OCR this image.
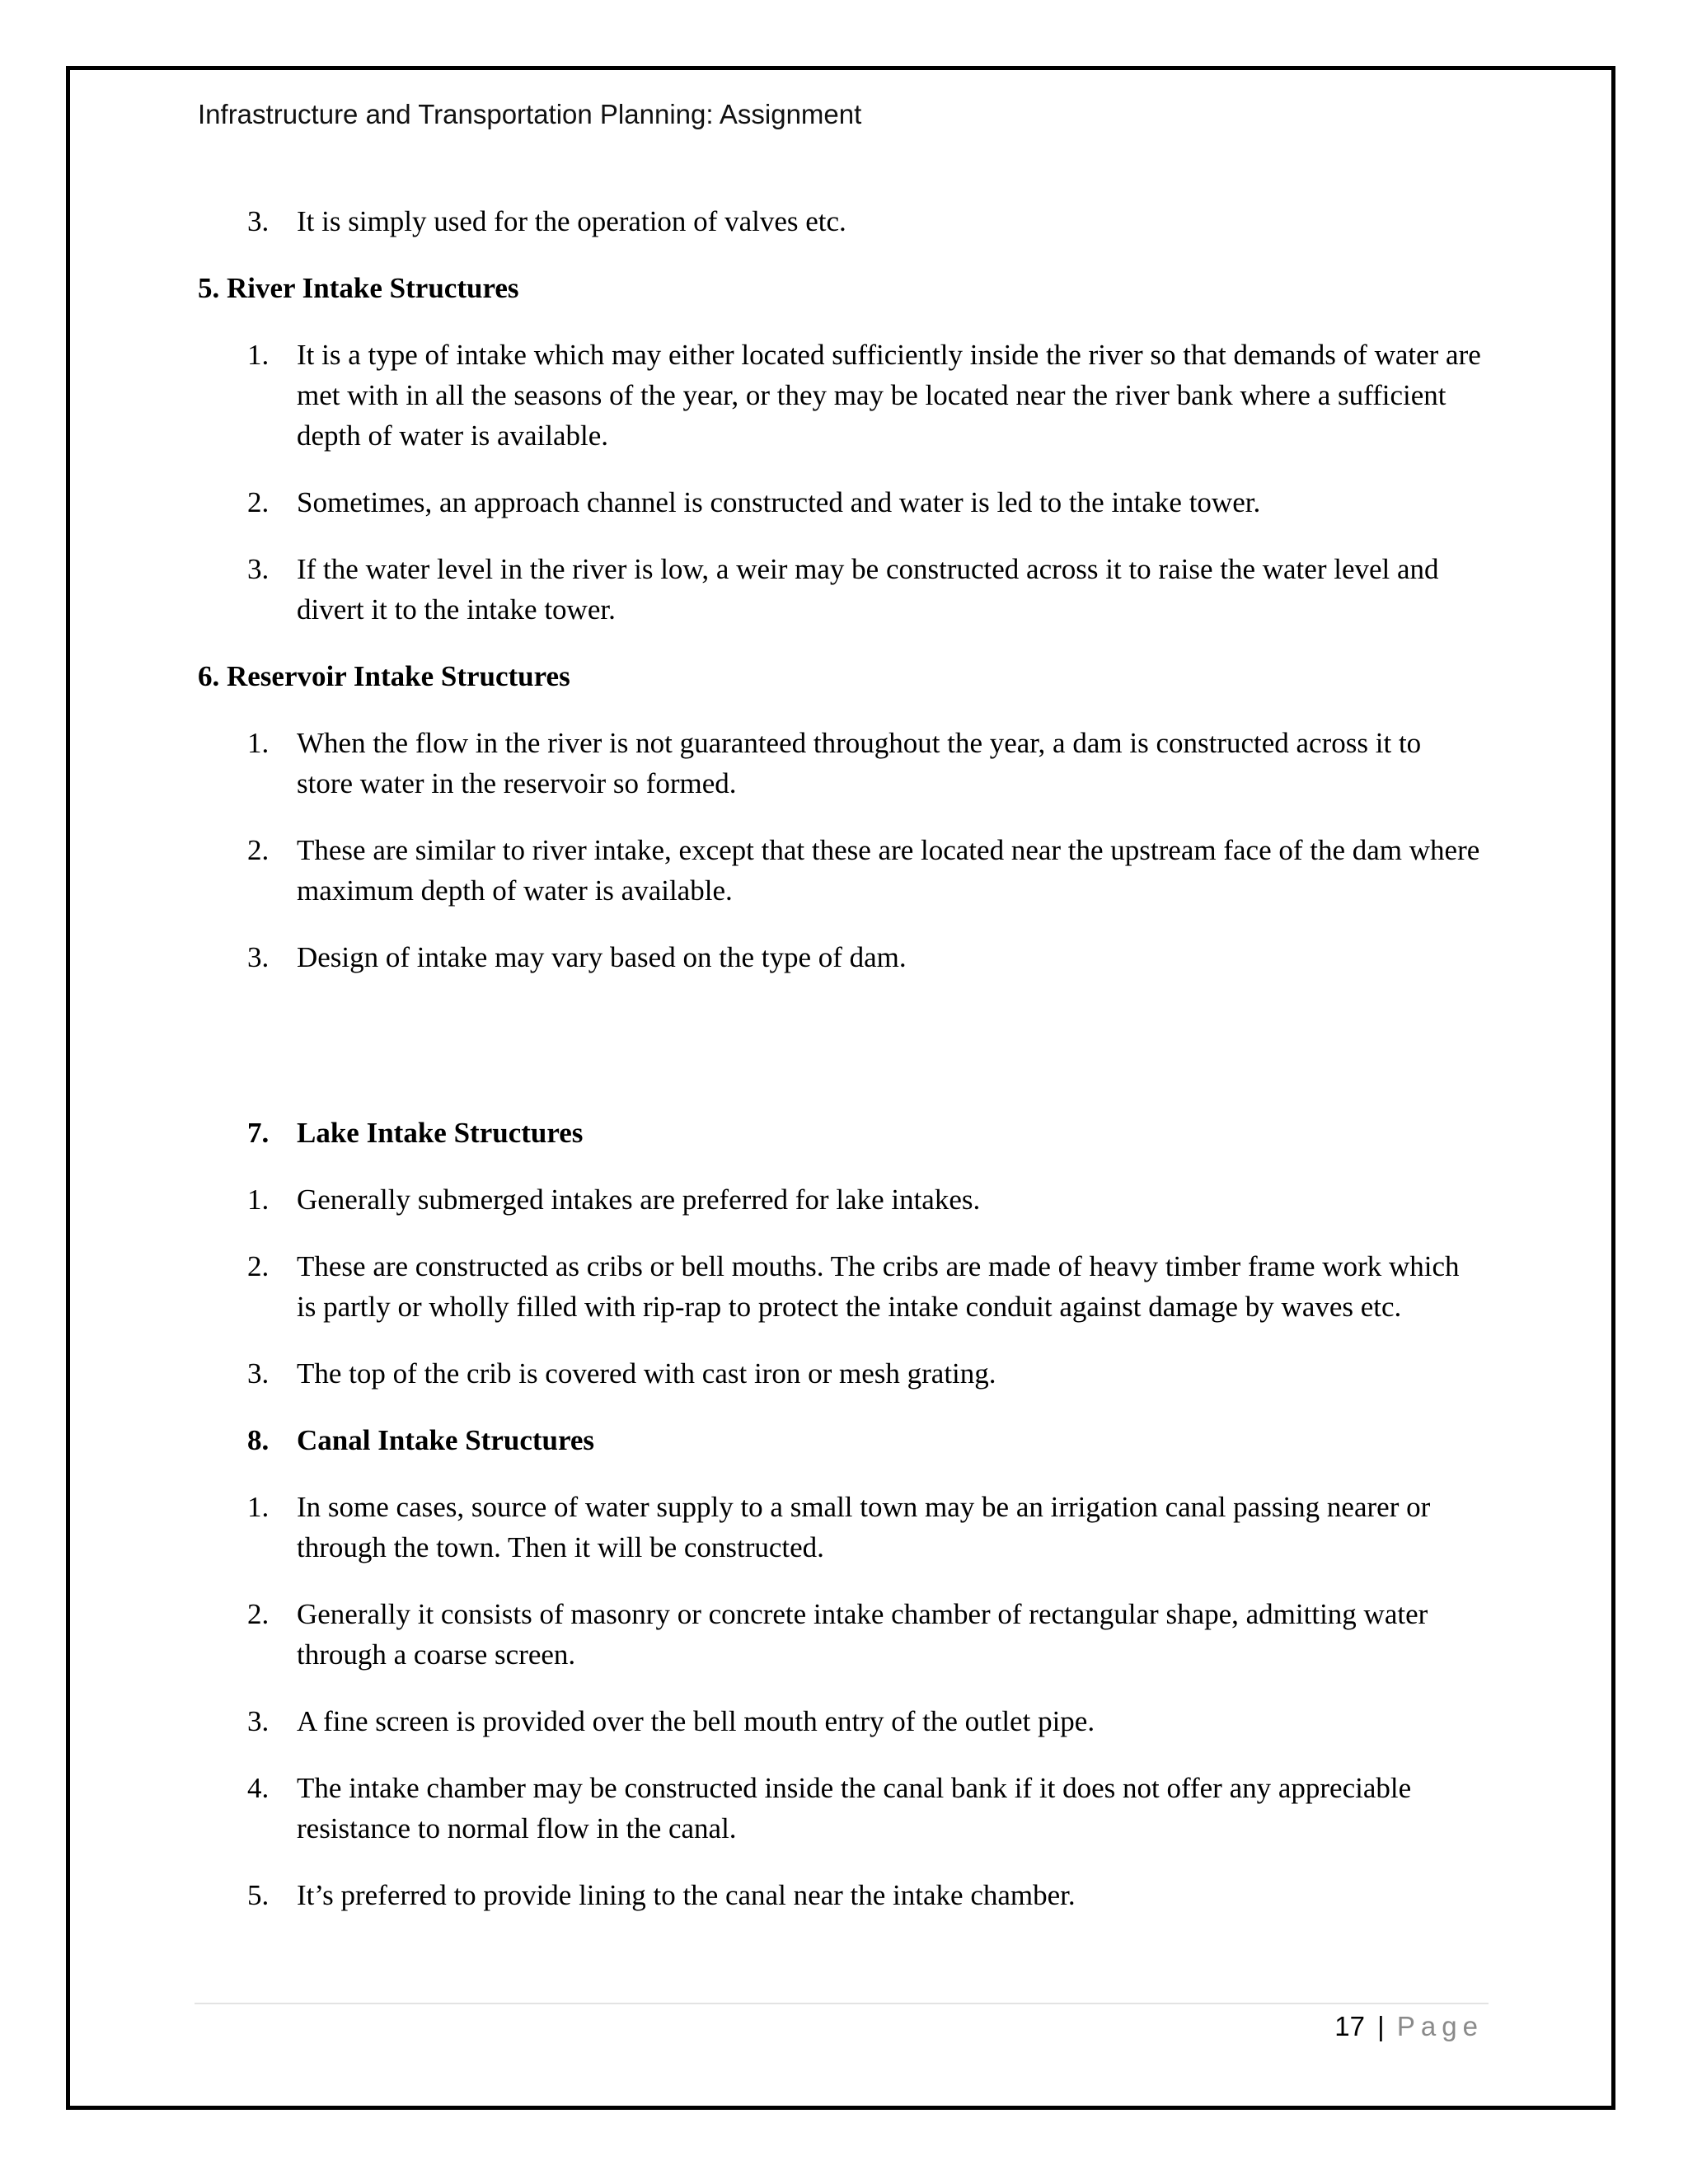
Infrastructure and Transportation Planning: Assignment
3. It is simply used for the operation of valves etc.
5. River Intake Structures
1. It is a type of intake which may either located sufficiently inside the river so that demands of water are met with in all the seasons of the year, or they may be located near the river bank where a sufficient depth of water is available.
2. Sometimes, an approach channel is constructed and water is led to the intake tower.
3. If the water level in the river is low, a weir may be constructed across it to raise the water level and divert it to the intake tower.
6. Reservoir Intake Structures
1. When the flow in the river is not guaranteed throughout the year, a dam is constructed across it to store water in the reservoir so formed.
2. These are similar to river intake, except that these are located near the upstream face of the dam where maximum depth of water is available.
3. Design of intake may vary based on the type of dam.
7. Lake Intake Structures
1. Generally submerged intakes are preferred for lake intakes.
2. These are constructed as cribs or bell mouths. The cribs are made of heavy timber frame work which is partly or wholly filled with rip-rap to protect the intake conduit against damage by waves etc.
3. The top of the crib is covered with cast iron or mesh grating.
8. Canal Intake Structures
1. In some cases, source of water supply to a small town may be an irrigation canal passing nearer or through the town. Then it will be constructed.
2. Generally it consists of masonry or concrete intake chamber of rectangular shape, admitting water through a coarse screen.
3. A fine screen is provided over the bell mouth entry of the outlet pipe.
4. The intake chamber may be constructed inside the canal bank if it does not offer any appreciable resistance to normal flow in the canal.
5. It’s preferred to provide lining to the canal near the intake chamber.
17 | Page
